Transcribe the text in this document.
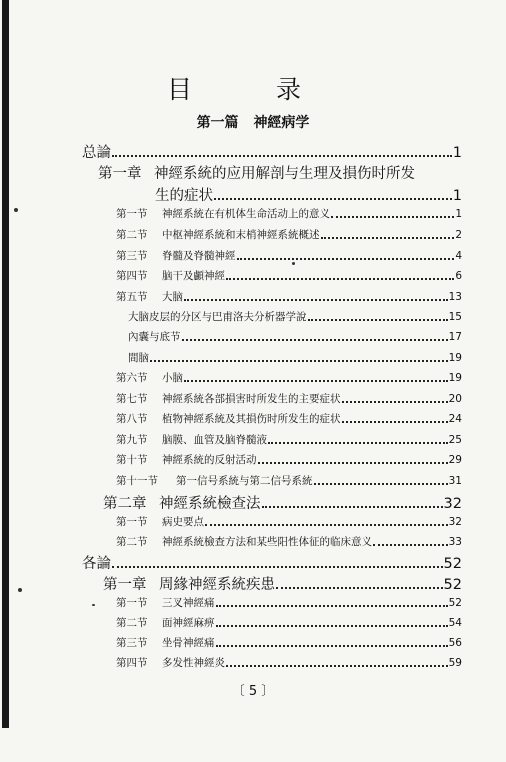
目 录
第一篇 神經病学
总論	1
第一章 神經系統的应用解剖与生理及損伤时所发
生的症状	1
第一节	神經系統在有机体生命活动上的意义	1
第二节	中枢神經系統和末梢神經系統概述	2
第三节	脊髓及脊髓神經	4
第四节	脑干及顱神經	6
第五节	大脑	13
大脑皮层的分区与巴甫洛夫分析器学說	15
內囊与底节	17
間脑	19
第六节	小脑	19
第七节	神經系統各部損害时所发生的主要症状	20
第八节	植物神經系統及其損伤时所发生的症状	24
第九节	脑膜、血管及脑脊髓液	25
第十节	神經系統的反射活动	29
第十一节	第一信号系統与第二信号系統	31
第二章 神經系統檢查法	32
第一节	病史要点	32
第二节	神經系統檢查方法和某些阳性体征的临床意义	33
各論	52
第一章 周緣神經系統疾患	52
第一节	三叉神經痛	52
第二节	面神經麻痹	54
第三节	坐骨神經痛	56
第四节	多发性神經炎	59
〔 5 〕
